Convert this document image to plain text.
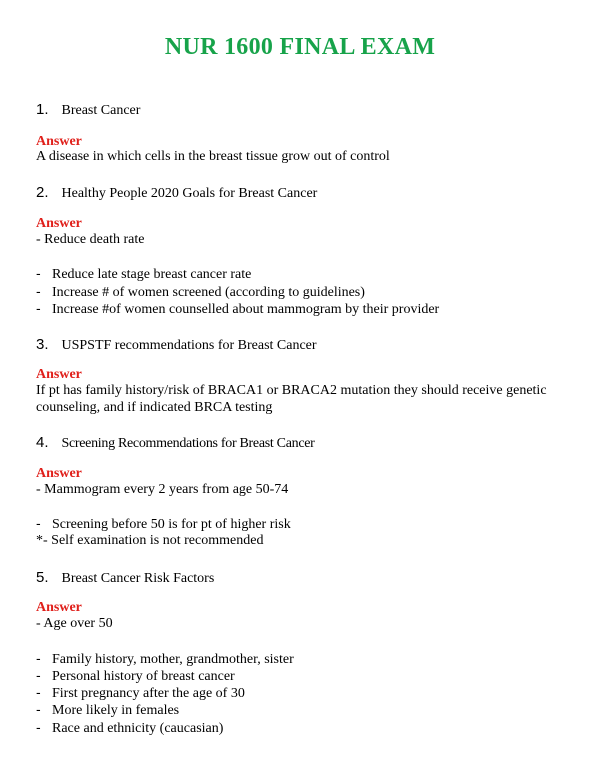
NUR 1600 FINAL EXAM
1. Breast Cancer
Answer
A disease in which cells in the breast tissue grow out of control
2. Healthy People 2020 Goals for Breast Cancer
Answer
- Reduce death rate
- Reduce late stage breast cancer rate
- Increase # of women screened (according to guidelines)
- Increase #of women counselled about mammogram by their provider
3. USPSTF recommendations for Breast Cancer
Answer
If pt has family history/risk of BRACA1 or BRACA2 mutation they should receive genetic
counseling, and if indicated BRCA testing
4. Screening Recommendations for Breast Cancer
Answer
- Mammogram every 2 years from age 50-74
- Screening before 50 is for pt of higher risk
*- Self examination is not recommended
5. Breast Cancer Risk Factors
Answer
- Age over 50
- Family history, mother, grandmother, sister
- Personal history of breast cancer
- First pregnancy after the age of 30
- More likely in females
- Race and ethnicity (caucasian)
